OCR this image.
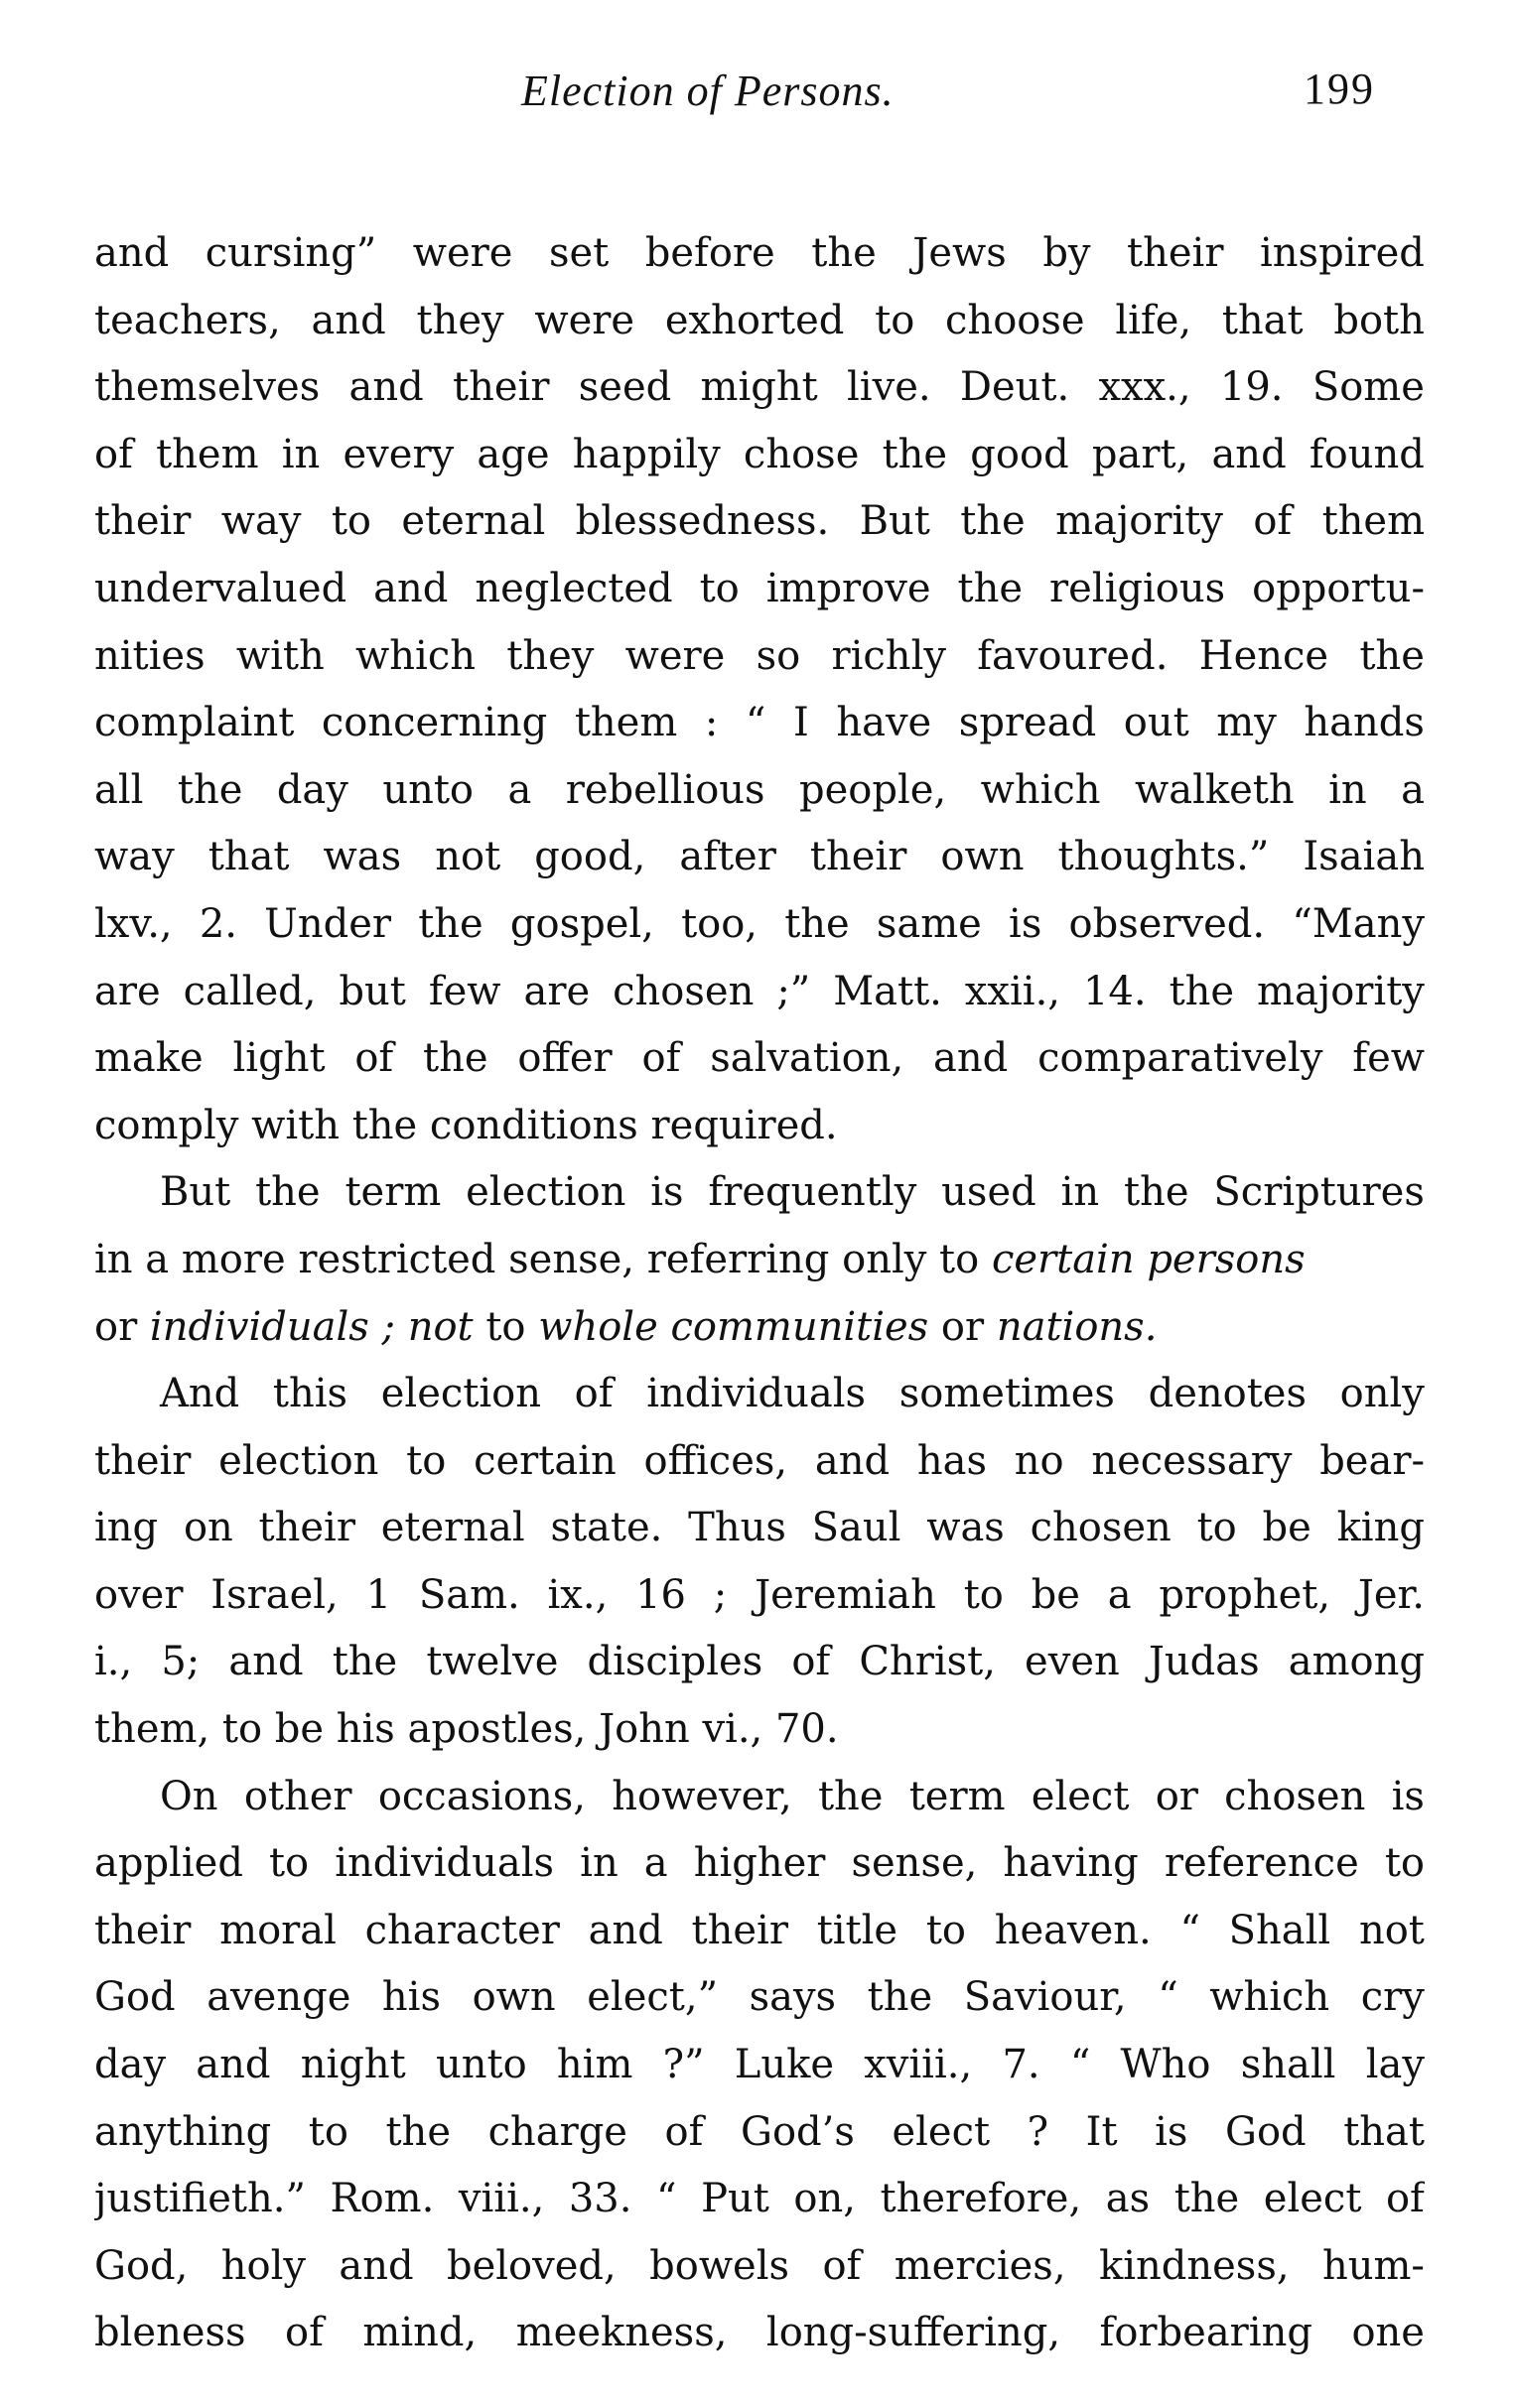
Election of Persons.	199
and cursing” were set before the Jews by their inspired
teachers, and they were exhorted to choose life, that both
themselves and their seed might live. Deut. xxx., 19. Some
of them in every age happily chose the good part, and found
their way to eternal blessedness. But the majority of them
undervalued and neglected to improve the religious opportu-
nities with which they were so richly favoured. Hence the
complaint concerning them : “ I have spread out my hands
all the day unto a rebellious people, which walketh in a
way that was not good, after their own thoughts.” Isaiah
lxv., 2. Under the gospel, too, the same is observed. “Many
are called, but few are chosen ;” Matt. xxii., 14. the majority
make light of the offer of salvation, and comparatively few
comply with the conditions required.
But the term election is frequently used in the Scriptures
in a more restricted sense, referring only to certain persons
or individuals ; not to whole communities or nations.
And this election of individuals sometimes denotes only
their election to certain offices, and has no necessary bear-
ing on their eternal state. Thus Saul was chosen to be king
over Israel, 1 Sam. ix., 16 ; Jeremiah to be a prophet, Jer.
i., 5; and the twelve disciples of Christ, even Judas among
them, to be his apostles, John vi., 70.
On other occasions, however, the term elect or chosen is
applied to individuals in a higher sense, having reference to
their moral character and their title to heaven. “ Shall not
God avenge his own elect,” says the Saviour, “ which cry
day and night unto him ?” Luke xviii., 7. “ Who shall lay
anything to the charge of God’s elect ? It is God that
justifieth.” Rom. viii., 33. “ Put on, therefore, as the elect of
God, holy and beloved, bowels of mercies, kindness, hum-
bleness of mind, meekness, long-suffering, forbearing one
